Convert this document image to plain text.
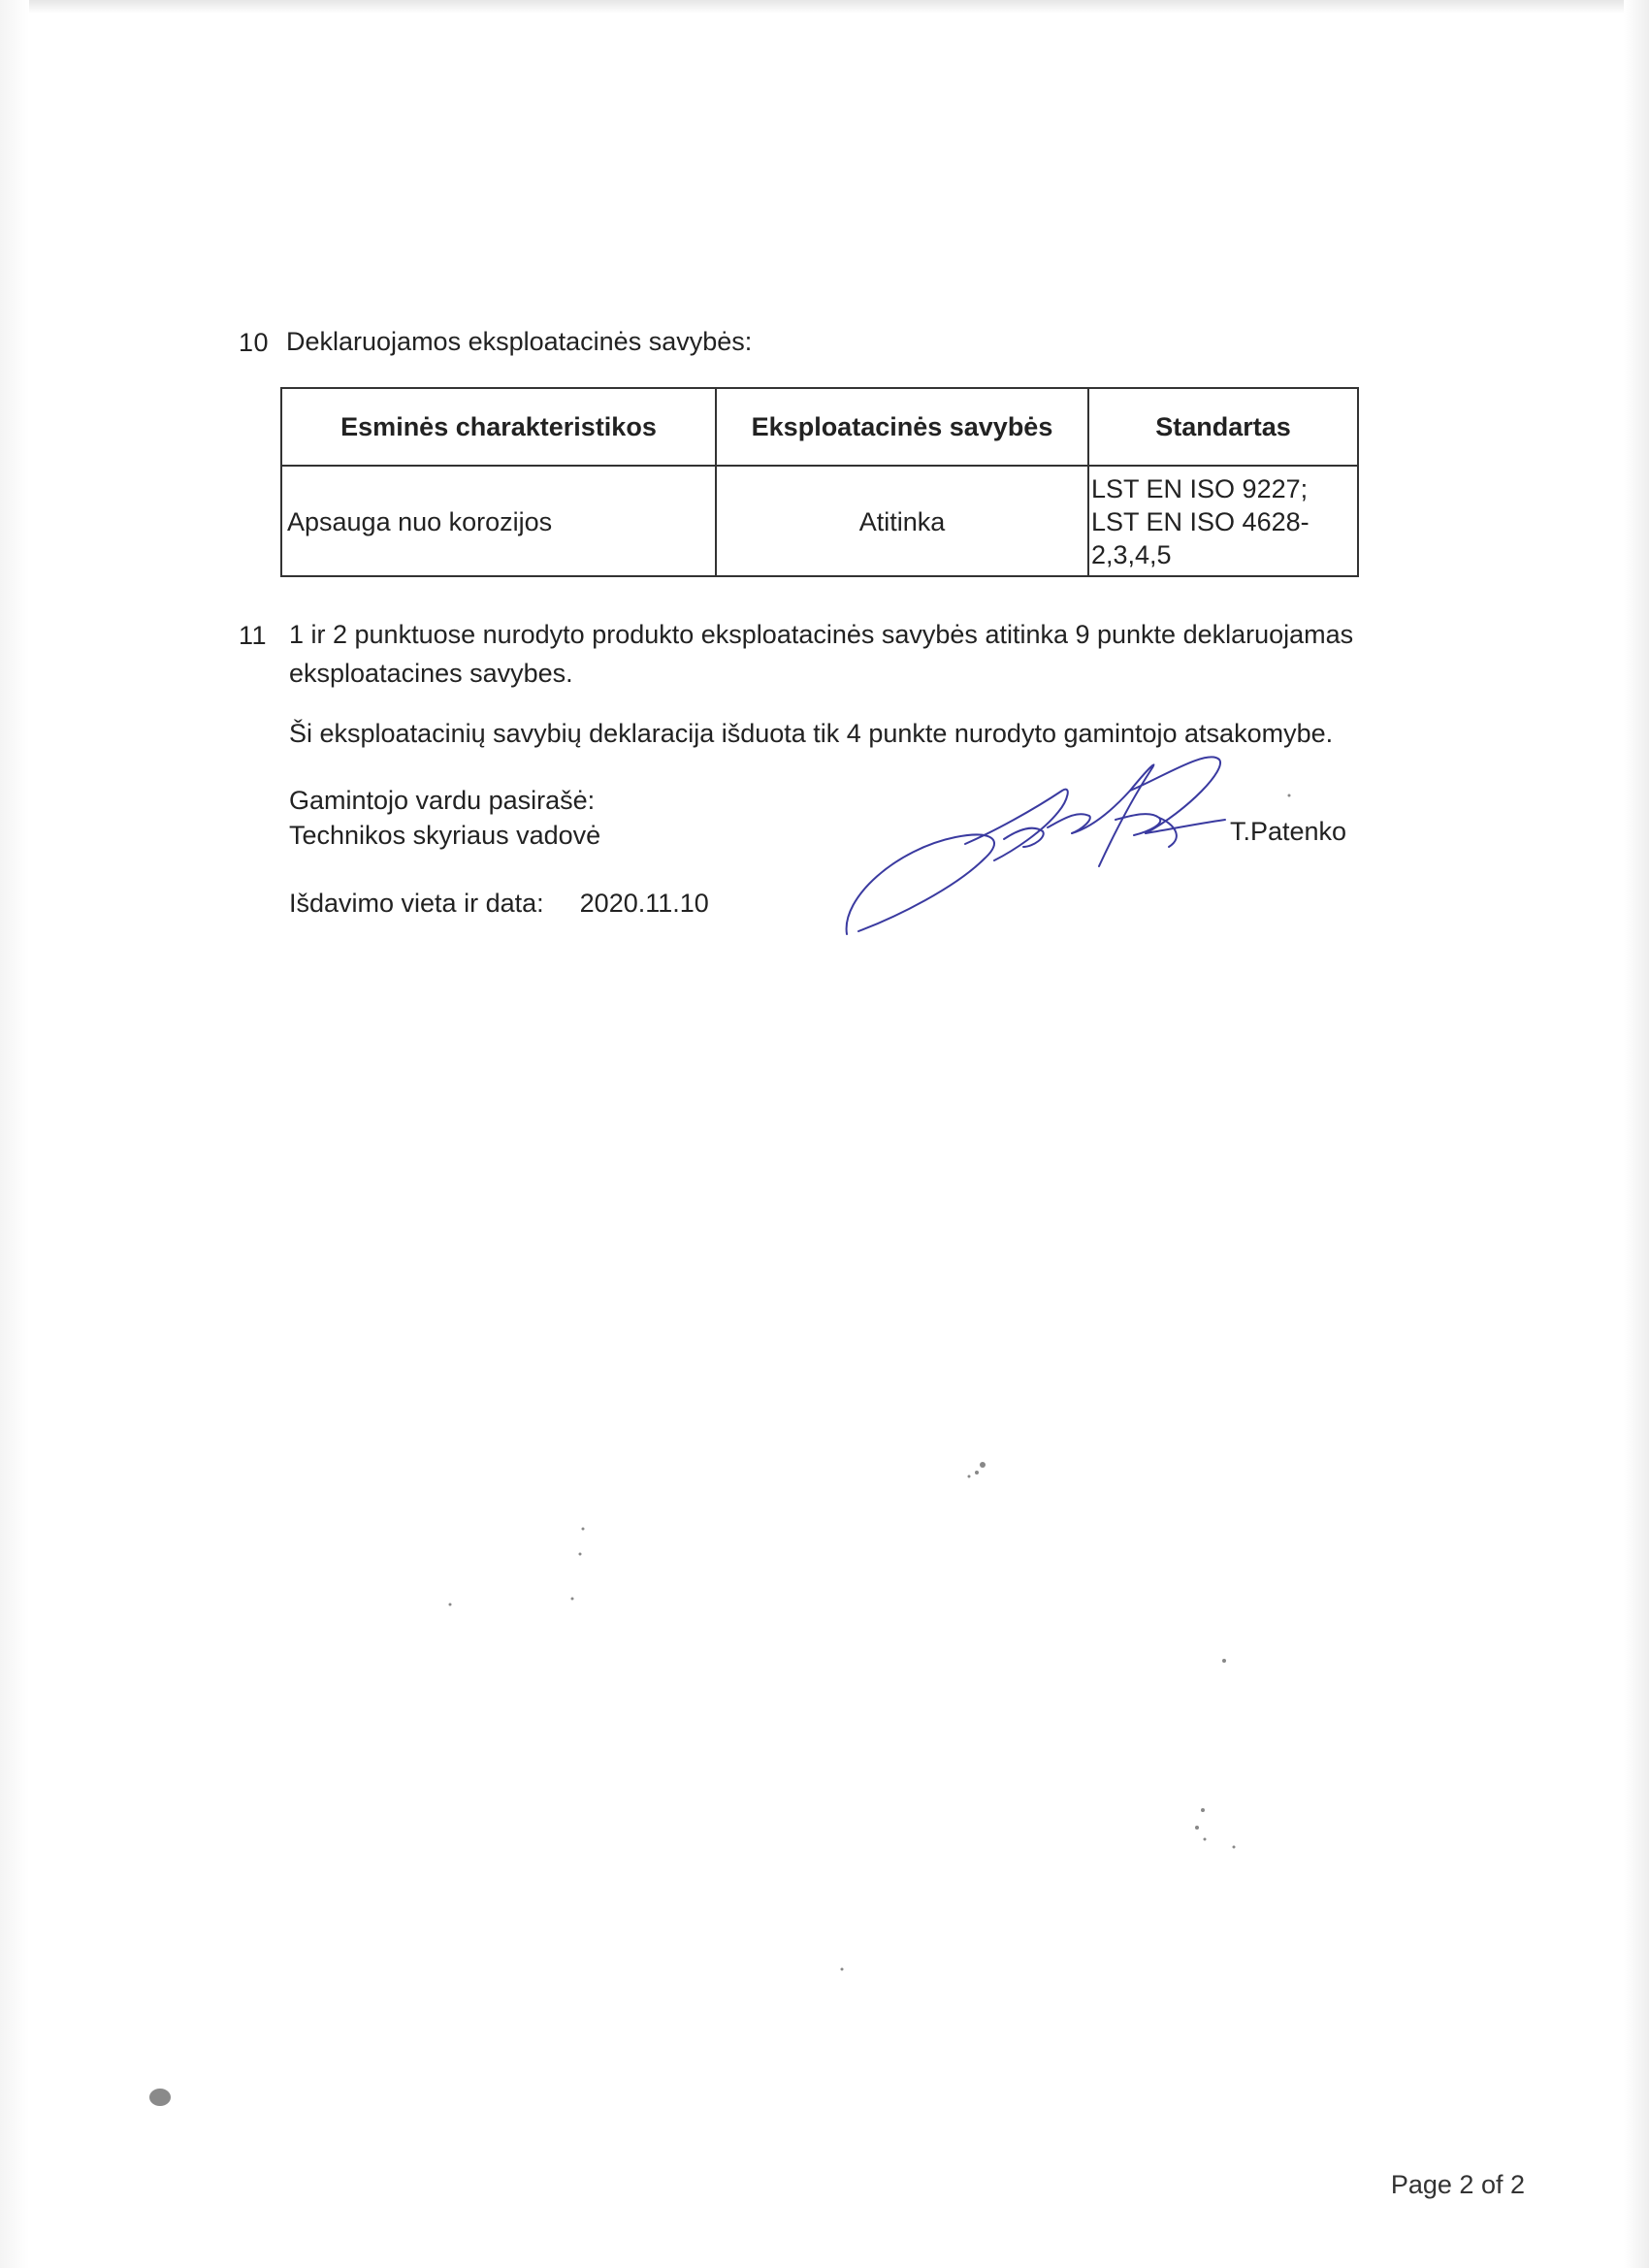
10 Deklaruojamos eksploatacinės savybės:
Esminės charakteristikos	Eksploatacinės savybės	Standartas
Apsauga nuo korozijos	Atitinka
LST EN ISO 9227;
LST EN ISO 4628-
2,3,4,5
11 1 ir 2 punktuose nurodyto produkto eksploatacinės savybės atitinka 9 punkte deklaruojamas
eksploatacines savybes.
Ši eksploatacinių savybių deklaracija išduota tik 4 punkte nurodyto gamintojo atsakomybe.
Gamintojo vardu pasirašė:
Technikos skyriaus vadovė	T.Patenko
Išdavimo vieta ir data: 2020.11.10
Page 2 of 2
